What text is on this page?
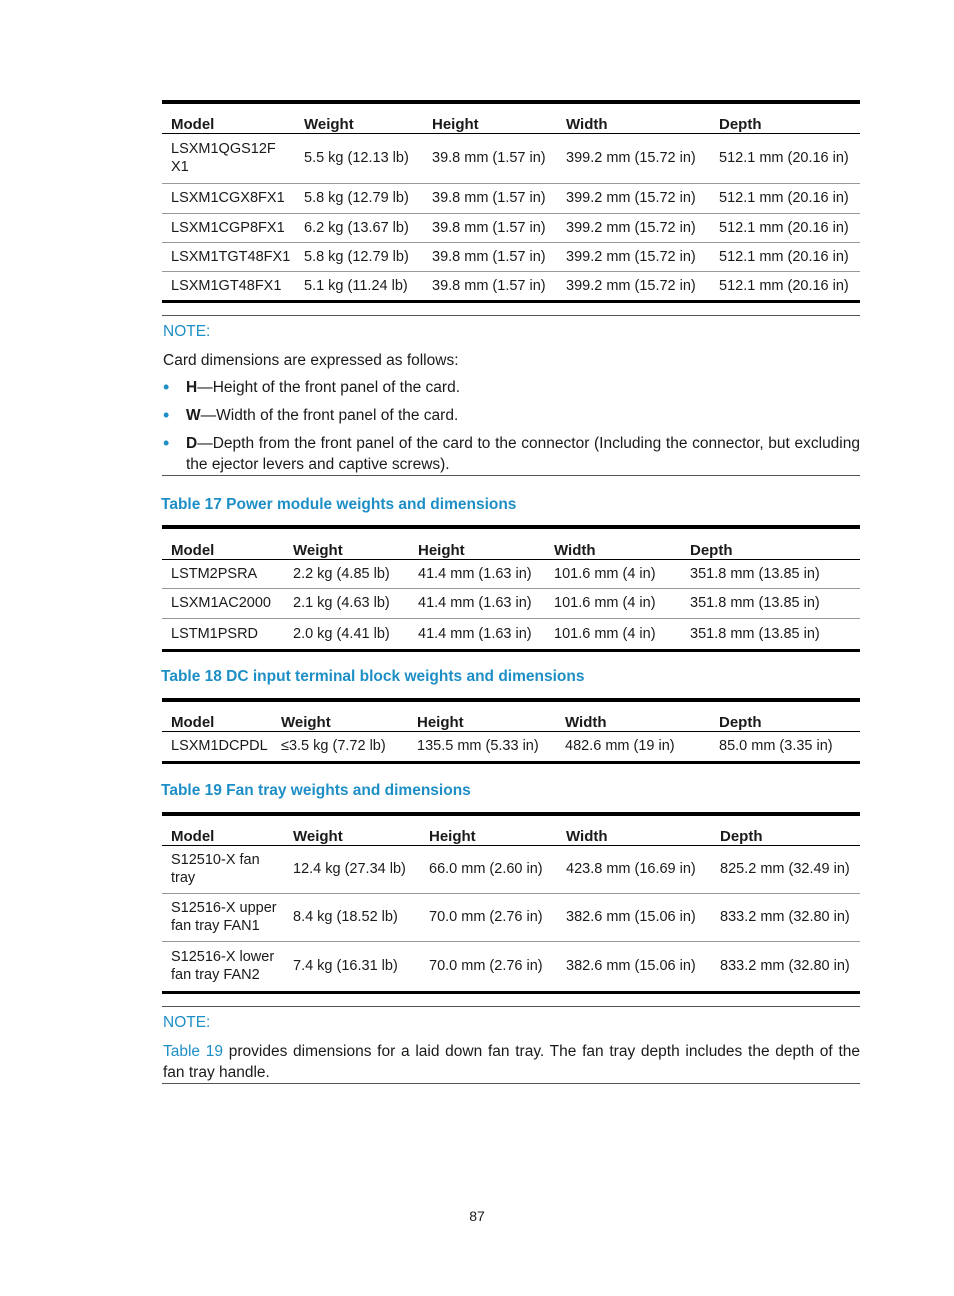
Model	Weight	Height	Width	Depth
LSXM1QGS12FX1	5.5 kg (12.13 lb)	39.8 mm (1.57 in)	399.2 mm (15.72 in)	512.1 mm (20.16 in)
LSXM1CGX8FX1	5.8 kg (12.79 lb)	39.8 mm (1.57 in)	399.2 mm (15.72 in)	512.1 mm (20.16 in)
LSXM1CGP8FX1	6.2 kg (13.67 lb)	39.8 mm (1.57 in)	399.2 mm (15.72 in)	512.1 mm (20.16 in)
LSXM1TGT48FX1	5.8 kg (12.79 lb)	39.8 mm (1.57 in)	399.2 mm (15.72 in)	512.1 mm (20.16 in)
LSXM1GT48FX1	5.1 kg (11.24 lb)	39.8 mm (1.57 in)	399.2 mm (15.72 in)	512.1 mm (20.16 in)
NOTE:
Card dimensions are expressed as follows:
• H—Height of the front panel of the card.
• W—Width of the front panel of the card.
• D—Depth from the front panel of the card to the connector (Including the connector, but excluding the ejector levers and captive screws).
Table 17 Power module weights and dimensions
Model	Weight	Height	Width	Depth
LSTM2PSRA	2.2 kg (4.85 lb)	41.4 mm (1.63 in)	101.6 mm (4 in)	351.8 mm (13.85 in)
LSXM1AC2000	2.1 kg (4.63 lb)	41.4 mm (1.63 in)	101.6 mm (4 in)	351.8 mm (13.85 in)
LSTM1PSRD	2.0 kg (4.41 lb)	41.4 mm (1.63 in)	101.6 mm (4 in)	351.8 mm (13.85 in)
Table 18 DC input terminal block weights and dimensions
Model	Weight	Height	Width	Depth
LSXM1DCPDL	≤3.5 kg (7.72 lb)	135.5 mm (5.33 in)	482.6 mm (19 in)	85.0 mm (3.35 in)
Table 19 Fan tray weights and dimensions
Model	Weight	Height	Width	Depth
S12510-X fan tray	12.4 kg (27.34 lb)	66.0 mm (2.60 in)	423.8 mm (16.69 in)	825.2 mm (32.49 in)
S12516-X upper fan tray FAN1	8.4 kg (18.52 lb)	70.0 mm (2.76 in)	382.6 mm (15.06 in)	833.2 mm (32.80 in)
S12516-X lower fan tray FAN2	7.4 kg (16.31 lb)	70.0 mm (2.76 in)	382.6 mm (15.06 in)	833.2 mm (32.80 in)
NOTE:
Table 19 provides dimensions for a laid down fan tray. The fan tray depth includes the depth of the fan tray handle.
87
